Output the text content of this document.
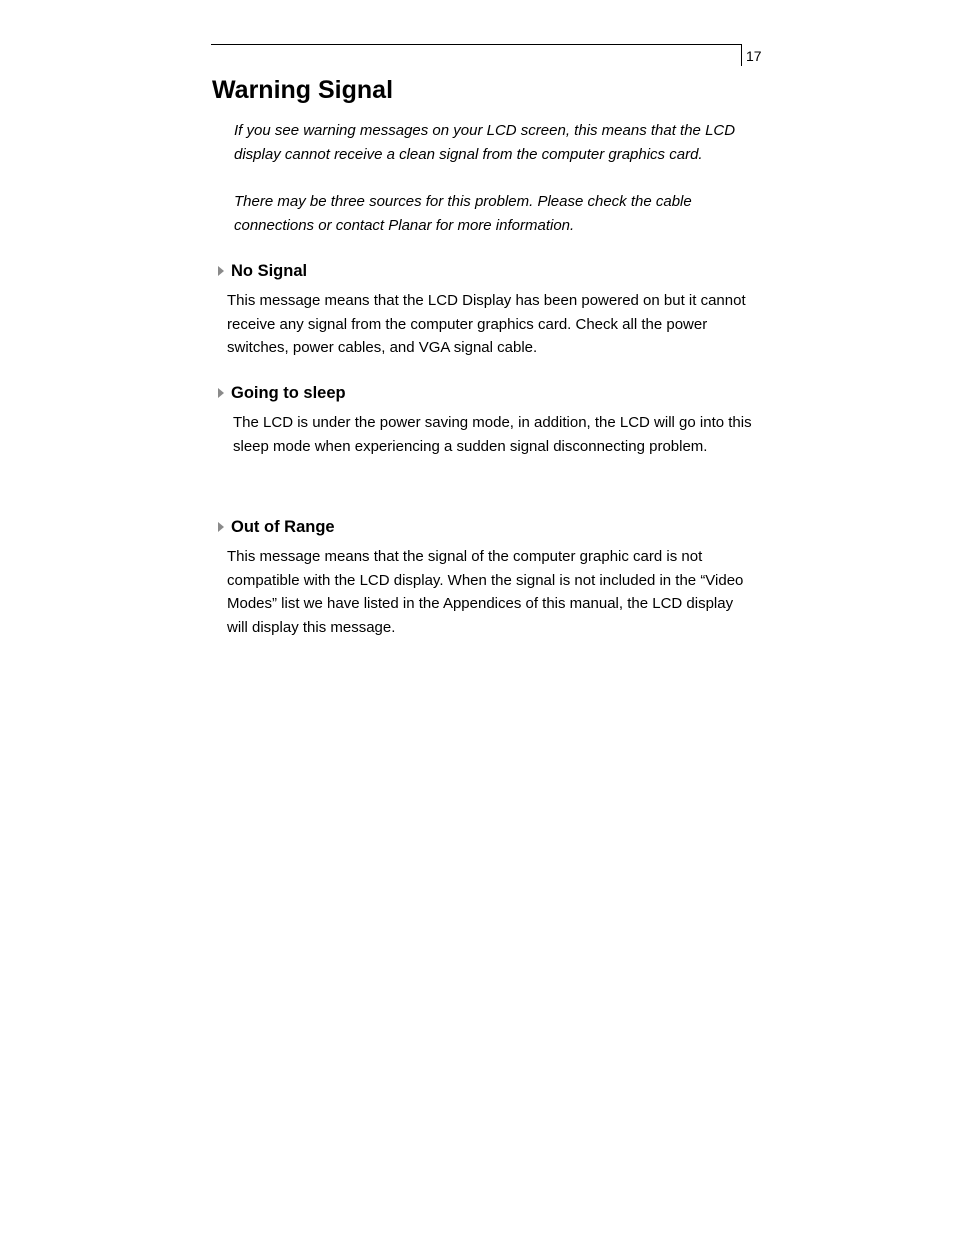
17
Warning Signal

If you see warning messages on your LCD screen, this means that the LCD display cannot receive a clean signal from the computer graphics card.

There may be three sources for this problem. Please check the cable connections or contact Planar for more information.

No Signal

This message means that the LCD Display has been powered on but it cannot receive any signal from the computer graphics card. Check all the power switches, power cables, and VGA signal cable.

Going to sleep

The LCD is under the power saving mode, in addition, the LCD will go into this sleep mode when experiencing a sudden signal disconnecting problem.

Out of Range

This message means that the signal of the computer graphic card is not compatible with the LCD display. When the signal is not included in the “Video Modes” list we have listed in the Appendices of this manual, the LCD display will display this message.
